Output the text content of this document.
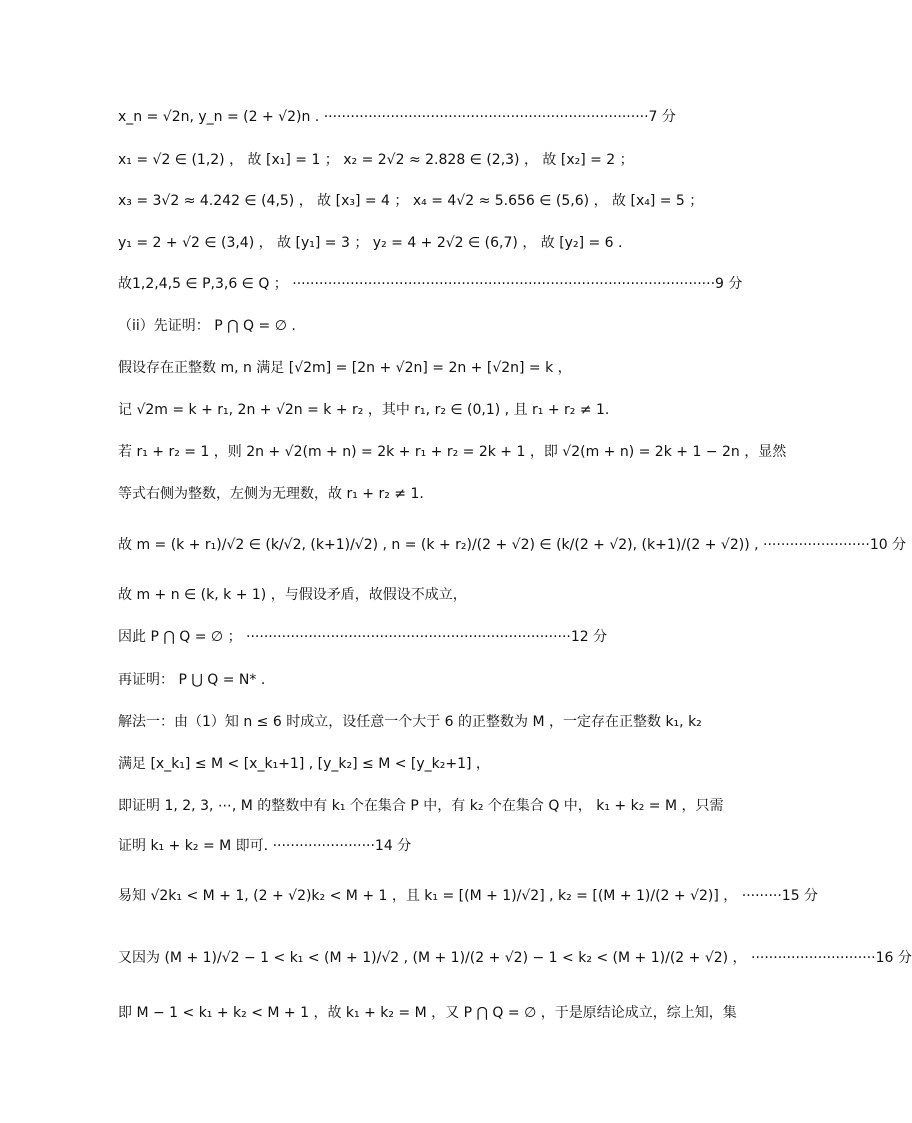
x_n = √2n, y_n = (2 + √2)n . ·········································································7 分
x₁ = √2 ∈ (1,2) ， 故 [x₁] = 1 ； x₂ = 2√2 ≈ 2.828 ∈ (2,3) ， 故 [x₂] = 2 ；
x₃ = 3√2 ≈ 4.242 ∈ (4,5) ， 故 [x₃] = 4 ； x₄ = 4√2 ≈ 5.656 ∈ (5,6) ， 故 [x₄] = 5 ；
y₁ = 2 + √2 ∈ (3,4) ， 故 [y₁] = 3 ； y₂ = 4 + 2√2 ∈ (6,7) ， 故 [y₂] = 6 .
故1,2,4,5 ∈ P,3,6 ∈ Q ； ·······························································································9 分
（ii）先证明： P ⋂ Q = ∅ .
假设存在正整数 m, n 满足 [√2m] = [2n + √2n] = 2n + [√2n] = k ，
记 √2m = k + r₁, 2n + √2n = k + r₂ ，其中 r₁, r₂ ∈ (0,1) , 且 r₁ + r₂ ≠ 1.
若 r₁ + r₂ = 1 ，则 2n + √2(m + n) = 2k + r₁ + r₂ = 2k + 1 ，即 √2(m + n) = 2k + 1 − 2n ，显然
等式右侧为整数，左侧为无理数，故 r₁ + r₂ ≠ 1.
故 m = (k + r₁)/√2 ∈ (k/√2, (k+1)/√2) , n = (k + r₂)/(2 + √2) ∈ (k/(2 + √2), (k+1)/(2 + √2)) , ························10 分
故 m + n ∈ (k, k + 1) ，与假设矛盾，故假设不成立，
因此 P ⋂ Q = ∅ ； ·········································································12 分
再证明： P ⋃ Q = N* .
解法一：由（1）知 n ≤ 6 时成立，设任意一个大于 6 的正整数为 M ，一定存在正整数 k₁, k₂
满足 [x_k₁] ≤ M < [x_k₁+1] , [y_k₂] ≤ M < [y_k₂+1] ，
即证明 1, 2, 3, ⋯, M 的整数中有 k₁ 个在集合 P 中，有 k₂ 个在集合 Q 中， k₁ + k₂ = M ，只需
证明 k₁ + k₂ = M 即可. ·······················14 分
易知 √2k₁ < M + 1, (2 + √2)k₂ < M + 1 ，且 k₁ = [(M + 1)/√2] , k₂ = [(M + 1)/(2 + √2)] ， ·········15 分
又因为 (M + 1)/√2 − 1 < k₁ < (M + 1)/√2 , (M + 1)/(2 + √2) − 1 < k₂ < (M + 1)/(2 + √2) ， ····························16 分
即 M − 1 < k₁ + k₂ < M + 1 ，故 k₁ + k₂ = M ，又 P ⋂ Q = ∅ ，于是原结论成立，综上知，集
